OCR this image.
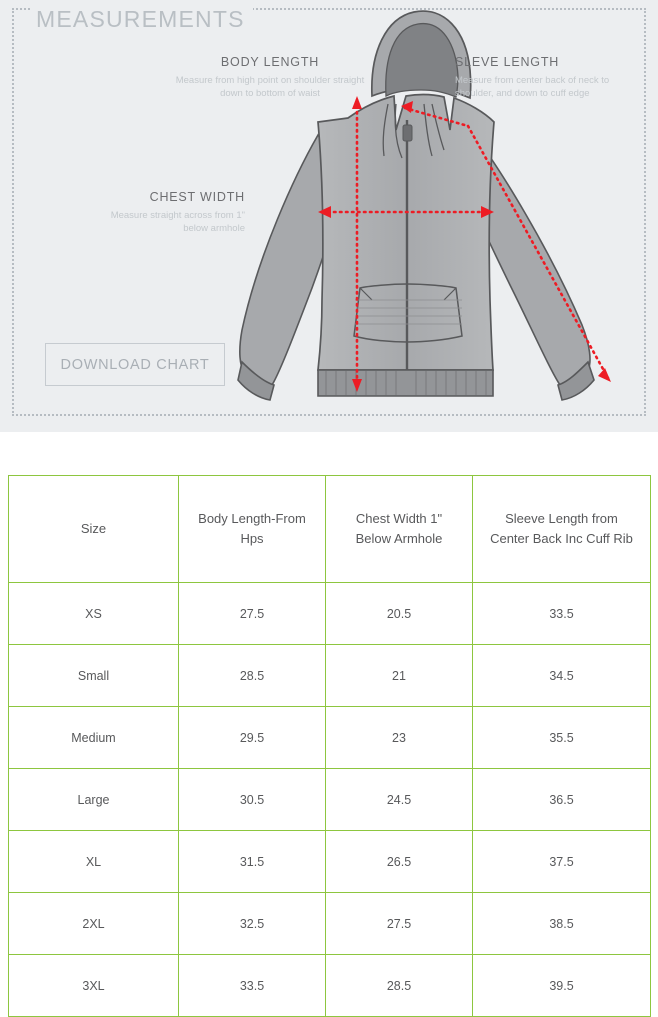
MEASUREMENTS
BODY LENGTH
Measure from high point on shoulder straight down to bottom of waist
SLEVE LENGTH
Measure from center back of neck to shoulder, and down to cuff edge
CHEST WIDTH
Measure straight across from 1" below armhole
DOWNLOAD CHART
Size	Body Length-From Hps	Chest Width 1" Below Armhole	Sleeve Length from Center Back Inc Cuff Rib
XS	27.5	20.5	33.5
Small	28.5	21	34.5
Medium	29.5	23	35.5
Large	30.5	24.5	36.5
XL	31.5	26.5	37.5
2XL	32.5	27.5	38.5
3XL	33.5	28.5	39.5
